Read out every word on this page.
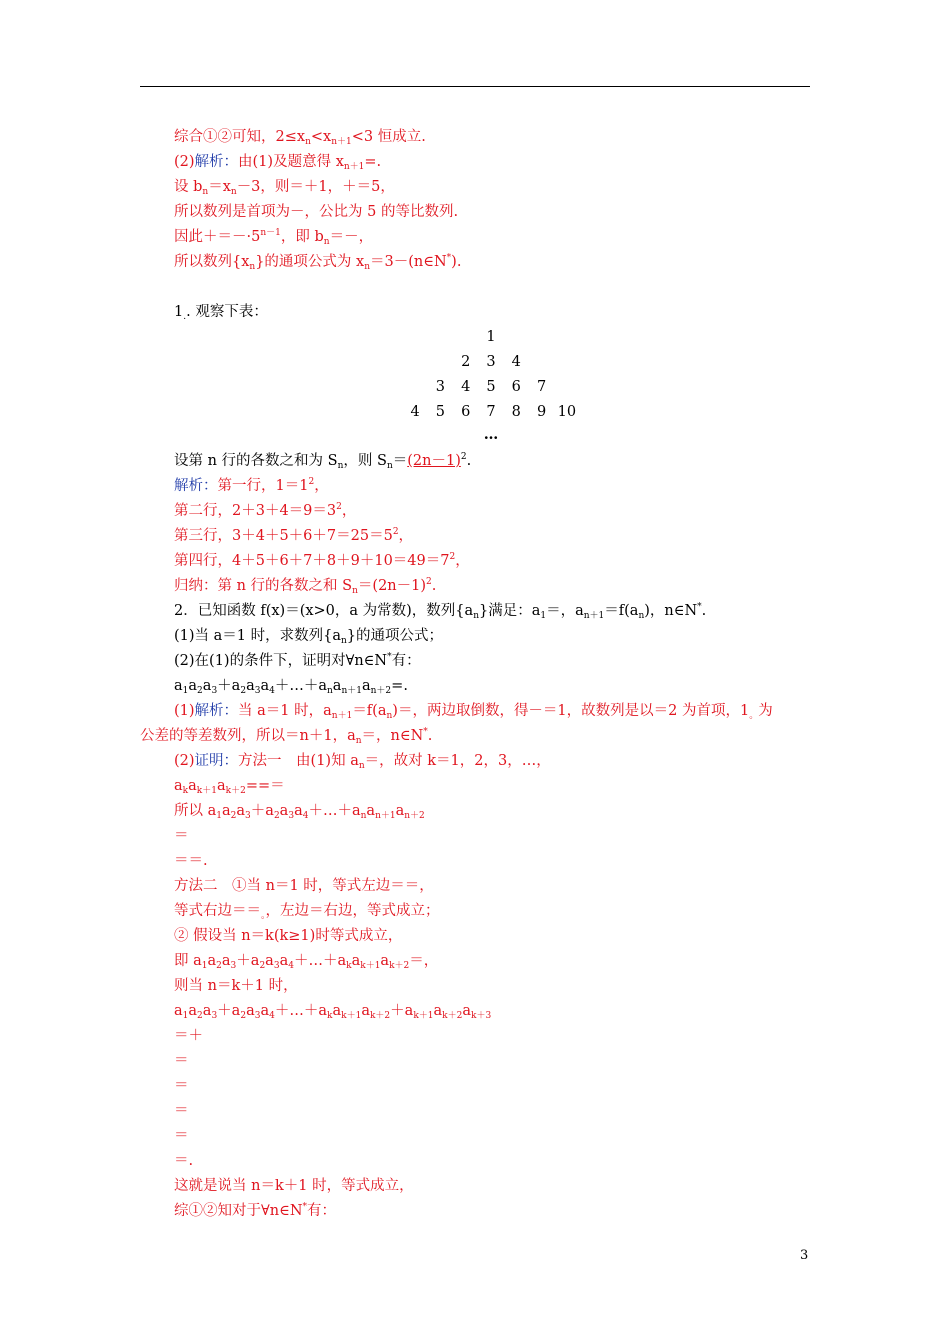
综合①②可知，$2\le x_n<x_{n+1}<3$ 恒成立.
(2)解析：由(1)及题意得 $x_{n+1}=$.
设 $b_n=x_n-3$，则＝＋1，＋＝5，
所以数列是首项为－，公比为 5 的等比数列.
因此$+=-\cdot 5^{n-1}$，即 $b_n=-$，
所以数列$\{x_n\}$的通项公式为 $x_n=3-(n\in N^*)$.
$1_.$. 观察下表：
设第 n 行的各数之和为 $S_n$，则 $S_n=(2n-1)^2$.
解析：第一行，$1=1^2$，
第二行，$2+3+4=9=3^2$，
第三行，$3+4+5+6+7=25=5^2$，
第四行，$4+5+6+7+8+9+10=49=7^2$，
归纳：第 n 行的各数之和 $S_n=(2n-1)^2$.
2．已知函数 f(x)＝(x>0，a 为常数)，数列$\{a_n\}$满足：$a_1=$，$a_{n+1}=f(a_n)$，n∈N*.
(1)当 a＝1 时，求数列$\{a_n\}$的通项公式；
(2)在(1)的条件下，证明对∀n∈N*有：
$a_1a_2a_3+a_2a_3a_4+\dots+a_na_{n+1}a_{n+2}=$.
(1)解析：当 a＝1 时，$a_{n+1}=f(a_n)=$，两边取倒数，得－＝1，故数列是以＝2 为首项，$1_。$为
公差的等差数列，所以＝n＋1，$a_n=$，n∈N*.
(2)证明：方法一　由(1)知 $a_n=$，故对 k＝1，2，3，…，
$a_ka_{k+1}a_{k+2}===$
所以 $a_1a_2a_3+a_2a_3a_4+\dots+a_na_{n+1}a_{n+2}$
＝
＝＝.
方法二　①当 n＝1 时，等式左边＝＝，
等式右边$==_。$，左边＝右边，等式成立；
② 假设当 n＝k(k≥1)时等式成立，
即 $a_1a_2a_3+a_2a_3a_4+\dots+a_ka_{k+1}a_{k+2}=$，
则当 n＝k＋1 时，
$a_1a_2a_3+a_2a_3a_4+\dots+a_ka_{k+1}a_{k+2}+a_{k+1}a_{k+2}a_{k+3}$
＝＋
＝
＝
＝
＝
＝.
这就是说当 n＝k＋1 时，等式成立，
综①②知对于∀n∈N*有：
1
2	3	4
3	4	5	6	7
4	5	6	7	8	9 10
…
3
